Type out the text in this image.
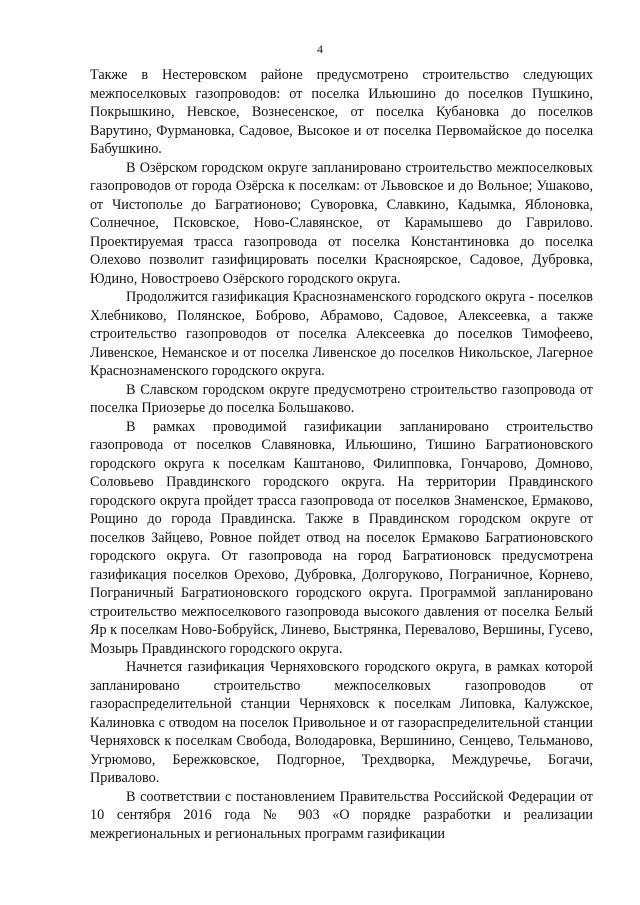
4

Также в Нестеровском районе предусмотрено строительство следующих межпоселковых газопроводов: от поселка Ильюшино до поселков Пушкино, Покрышкино, Невское, Вознесенское, от поселка Кубановка до поселков Варутино, Фурмановка, Садовое, Высокое и от поселка Первомайское до поселка Бабушкино.

В Озёрском городском округе запланировано строительство межпоселковых газопроводов от города Озёрска к поселкам: от Львовское и до Вольное; Ушаково, от Чистополье до Багратионово; Суворовка, Славкино, Кадымка, Яблоновка, Солнечное, Псковское, Ново-Славянское, от Карамышево до Гаврилово. Проектируемая трасса газопровода от поселка Константиновка до поселка Олехово позволит газифицировать поселки Красноярское, Садовое, Дубровка, Юдино, Новостроево Озёрского городского округа.

Продолжится газификация Краснознаменского городского округа - поселков Хлебниково, Полянское, Боброво, Абрамово, Садовое, Алексеевка, а также строительство газопроводов от поселка Алексеевка до поселков Тимофеево, Ливенское, Неманское и от поселка Ливенское до поселков Никольское, Лагерное Краснознаменского городского округа.

В Славском городском округе предусмотрено строительство газопровода от поселка Приозерье до поселка Большаково.

В рамках проводимой газификации запланировано строительство газопровода от поселков Славяновка, Ильюшино, Тишино Багратионовского городского округа к поселкам Каштаново, Филипповка, Гончарово, Домново, Соловьево Правдинского городского округа. На территории Правдинского городского округа пройдет трасса газопровода от поселков Знаменское, Ермаково, Рощино до города Правдинска. Также в Правдинском городском округе от поселков Зайцево, Ровное пойдет отвод на поселок Ермаково Багратионовского городского округа. От газопровода на город Багратионовск предусмотрена газификация поселков Орехово, Дубровка, Долгоруково, Пограничное, Корнево, Пограничный Багратионовского городского округа. Программой запланировано строительство межпоселкового газопровода высокого давления от поселка Белый Яр к поселкам Ново-Бобруйск, Линево, Быстрянка, Перевалово, Вершины, Гусево, Мозырь Правдинского городского округа.

Начнется газификация Черняховского городского округа, в рамках которой запланировано строительство межпоселковых газопроводов от газораспределительной станции Черняховск к поселкам Липовка, Калужское, Калиновка с отводом на поселок Привольное и от газораспределительной станции Черняховск к поселкам Свобода, Володаровка, Вершинино, Сенцево, Тельманово, Угрюмово, Бережковское, Подгорное, Трехдворка, Междуречье, Богачи, Привалово.

В соответствии с постановлением Правительства Российской Федерации от 10 сентября 2016 года № 903 «О порядке разработки и реализации межрегиональных и региональных программ газификации
